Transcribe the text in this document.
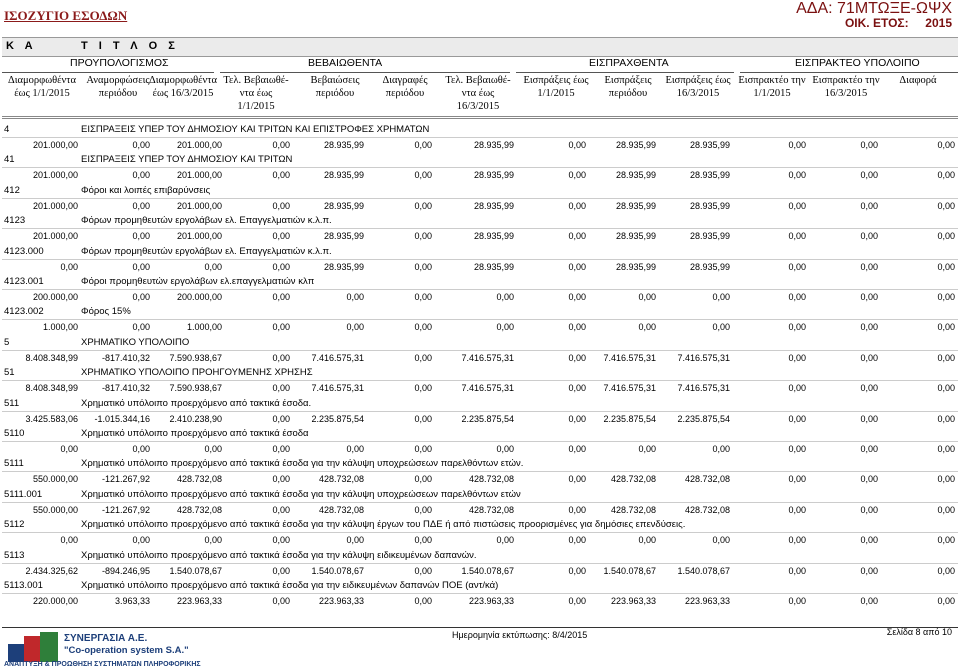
ΙΣΟΖΥΓΙΟ ΕΣΟΔΩΝ	ΑΔΑ: 71ΜΤΩΞΕ-ΩΨΧ
ΟΙΚ. ΕΤΟΣ: 2015
Κ Α	Τ Ι Τ Λ Ο Σ
ΠΡΟΥΠΟΛΟΓΙΣΜΟΣ	ΒΕΒΑΙΩΘΕΝΤΑ	ΕΙΣΠΡΑΧΘΕΝΤΑ	ΕΙΣΠΡΑΚΤΕΟ ΥΠΟΛΟΙΠΟ
Διαμορφωθέντα
έως 1/1/2015
Αναμορφώσεις
περιόδου
Διαμορφωθέντα
έως 16/3/2015
Τελ. Βεβαιωθέ-
ντα έως
1/1/2015
Βεβαιώσεις
περιόδου
Διαγραφές
περιόδου
Τελ. Βεβαιωθέ-
ντα έως
16/3/2015
Εισπράξεις έως
1/1/2015
Εισπράξεις
περιόδου
Εισπράξεις έως
16/3/2015
Εισπρακτέο την
1/1/2015
Εισπρακτέο την
16/3/2015
Διαφορά
4	ΕΙΣΠΡΑΞΕΙΣ ΥΠΕΡ ΤΟΥ ΔΗΜΟΣΙΟΥ ΚΑΙ ΤΡΙΤΩΝ ΚΑΙ ΕΠΙΣΤΡΟΦΕΣ ΧΡΗΜΑΤΩΝ
201.000,00	0,00	201.000,00	0,00	28.935,99	0,00	28.935,99	0,00	28.935,99	28.935,99	0,00	0,00	0,00
41	ΕΙΣΠΡΑΞΕΙΣ ΥΠΕΡ ΤΟΥ ΔΗΜΟΣΙΟΥ ΚΑΙ ΤΡΙΤΩΝ
201.000,00	0,00	201.000,00	0,00	28.935,99	0,00	28.935,99	0,00	28.935,99	28.935,99	0,00	0,00	0,00
412	Φόροι και λοιπές επιβαρύνσεις
201.000,00	0,00	201.000,00	0,00	28.935,99	0,00	28.935,99	0,00	28.935,99	28.935,99	0,00	0,00	0,00
4123	Φόρων προμηθευτών εργολάβων ελ. Επαγγελματιών κ.λ.π.
201.000,00	0,00	201.000,00	0,00	28.935,99	0,00	28.935,99	0,00	28.935,99	28.935,99	0,00	0,00	0,00
4123.000	Φόρων προμηθευτών εργολάβων ελ. Επαγγελματιών κ.λ.π.
0,00	0,00	0,00	0,00	28.935,99	0,00	28.935,99	0,00	28.935,99	28.935,99	0,00	0,00	0,00
4123.001	Φόροι προμηθευτών εργολάβων ελ.επαγγελματιών κλπ
200.000,00	0,00	200.000,00	0,00	0,00	0,00	0,00	0,00	0,00	0,00	0,00	0,00	0,00
4123.002	Φόρος 15%
1.000,00	0,00	1.000,00	0,00	0,00	0,00	0,00	0,00	0,00	0,00	0,00	0,00	0,00
5	ΧΡΗΜΑΤΙΚΟ ΥΠΟΛΟΙΠΟ
8.408.348,99	-817.410,32	7.590.938,67	0,00	7.416.575,31	0,00	7.416.575,31	0,00	7.416.575,31	7.416.575,31	0,00	0,00	0,00
51	ΧΡΗΜΑΤΙΚΟ ΥΠΟΛΟΙΠΟ ΠΡΟΗΓΟΥΜΕΝΗΣ ΧΡΗΣΗΣ
8.408.348,99	-817.410,32	7.590.938,67	0,00	7.416.575,31	0,00	7.416.575,31	0,00	7.416.575,31	7.416.575,31	0,00	0,00	0,00
511	Χρηματικό υπόλοιπο προερχόμενο από τακτικά έσοδα.
3.425.583,06	-1.015.344,16	2.410.238,90	0,00	2.235.875,54	0,00	2.235.875,54	0,00	2.235.875,54	2.235.875,54	0,00	0,00	0,00
5110	Χρηματικό υπόλοιπο προερχόμενο από τακτικά έσοδα
0,00	0,00	0,00	0,00	0,00	0,00	0,00	0,00	0,00	0,00	0,00	0,00	0,00
5111	Χρηματικό υπόλοιπο προερχόμενο από τακτικά έσοδα για την κάλυψη υποχρεώσεων παρελθόντων ετών.
550.000,00	-121.267,92	428.732,08	0,00	428.732,08	0,00	428.732,08	0,00	428.732,08	428.732,08	0,00	0,00	0,00
5111.001	Χρηματικό υπόλοιπο προερχόμενο από τακτικά έσοδα για την κάλυψη υποχρεώσεων παρελθόντων ετών
550.000,00	-121.267,92	428.732,08	0,00	428.732,08	0,00	428.732,08	0,00	428.732,08	428.732,08	0,00	0,00	0,00
5112	Χρηματικό υπόλοιπο προερχόμενο από τακτικά έσοδα για την κάλυψη έργων του ΠΔΕ ή από πιστώσεις προορισμένες για δημόσιες επενδύσεις.
0,00	0,00	0,00	0,00	0,00	0,00	0,00	0,00	0,00	0,00	0,00	0,00	0,00
5113	Χρηματικό υπόλοιπο προερχόμενο από τακτικά έσοδα για την κάλυψη ειδικευμένων δαπανών.
2.434.325,62	-894.246,95	1.540.078,67	0,00	1.540.078,67	0,00	1.540.078,67	0,00	1.540.078,67	1.540.078,67	0,00	0,00	0,00
5113.001	Χρηματικό υπόλοιπο προερχόμενο από τακτικά έσοδα για την ειδικευμένων δαπανών ΠΟΕ (αντ/κά)
220.000,00	3.963,33	223.963,33	0,00	223.963,33	0,00	223.963,33	0,00	223.963,33	223.963,33	0,00	0,00	0,00
ΣΥΝΕΡΓΑΣΙΑ Α.Ε.
"Co-operation system S.A."
ΑΝΑΠΤΥΞΗ & ΠΡΟΩΘΗΣΗ ΣΥΣΤΗΜΑΤΩΝ ΠΛΗΡΟΦΟΡΙΚΗΣ
Ημερομηνία εκτύπωσης: 8/4/2015	Σελίδα 8 από 10
